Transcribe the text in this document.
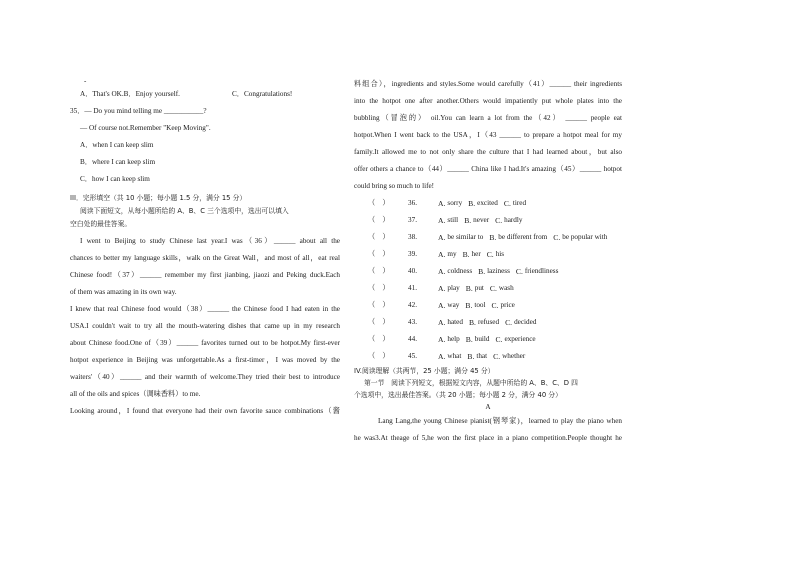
-
A．That's OK.B．Enjoy yourself.	C．Congratulations!
35．— Do you mind telling me ___________?
— Of course not.Remember "Keep Moving".
A．when I can keep slim
B．where I can keep slim
C．how I can keep slim
III．完形填空（共 10 小题；每小题 1.5 分，满分 15 分）
阅读下面短文，从每小题所给的 A、B、C 三个选项中，选出可以填入
空白处的最佳答案。
I went to Beijing to study Chinese last year.I was（36）______ about all the
chances to better my language skills，walk on the Great Wall，and most of all，eat real
Chinese food!（37）______ remember my first jianbing, jiaozi and Peking duck.Each
of them was amazing in its own way.
I knew that real Chinese food would（38）______ the Chinese food I had eaten in the
USA.I couldn't wait to try all the mouth-watering dishes that came up in my research
about Chinese food.One of（39）______ favorites turned out to be hotpot.My first-ever
hotpot experience in Beijing was unforgettable.As a first-timer，I was moved by the
waiters'（40）______ and their warmth of welcome.They tried their best to introduce
all of the oils and spices（调味香料）to me.
Looking around，I found that everyone had their own favorite sauce combinations（酱
料组合），ingredients and styles.Some would carefully（41）______ their ingredients
into the hotpot one after another.Others would impatiently put whole plates into the
bubbling（冒泡的） oil.You can learn a lot from the（42） ______ people eat
hotpot.When I went back to the USA，I（43 ______ to prepare a hotpot meal for my
family.It allowed me to not only share the culture that I had learned about，but also
offer others a chance to（44）______ China like I had.It's amazing（45）______ hotpot
could bring so much to life!
（　）	36.	A. sorry B. excited C. tired
（　）	37.	A. still B. never C. hardly
（　）	38.	A. be similar to B. be different from C. be popular with
（　）	39.	A. my B. her C. his
（　）	40.	A. coldness B. laziness C. friendliness
（　）	41.	A. play B. put C. wash
（　）	42.	A. way B. tool C. price
（　）	43.	A. hated B. refused C. decided
（　）	44.	A. help B. build C. experience
（　）	45.	A. what B. that C. whether
IV.阅读理解（共两节，25 小题；满分 45 分）
第一节　阅读下列短文，根据短文内容，从题中所给的 A、B、C、D 四
个选项中，选出最佳答案。（共 20 小题；每小题 2 分，满分 40 分）
A
Lang Lang,the young Chinese pianist(钢琴家)，learned to play the piano when
he was3.At theage of 5,he won the first place in a piano competition.People thought he
